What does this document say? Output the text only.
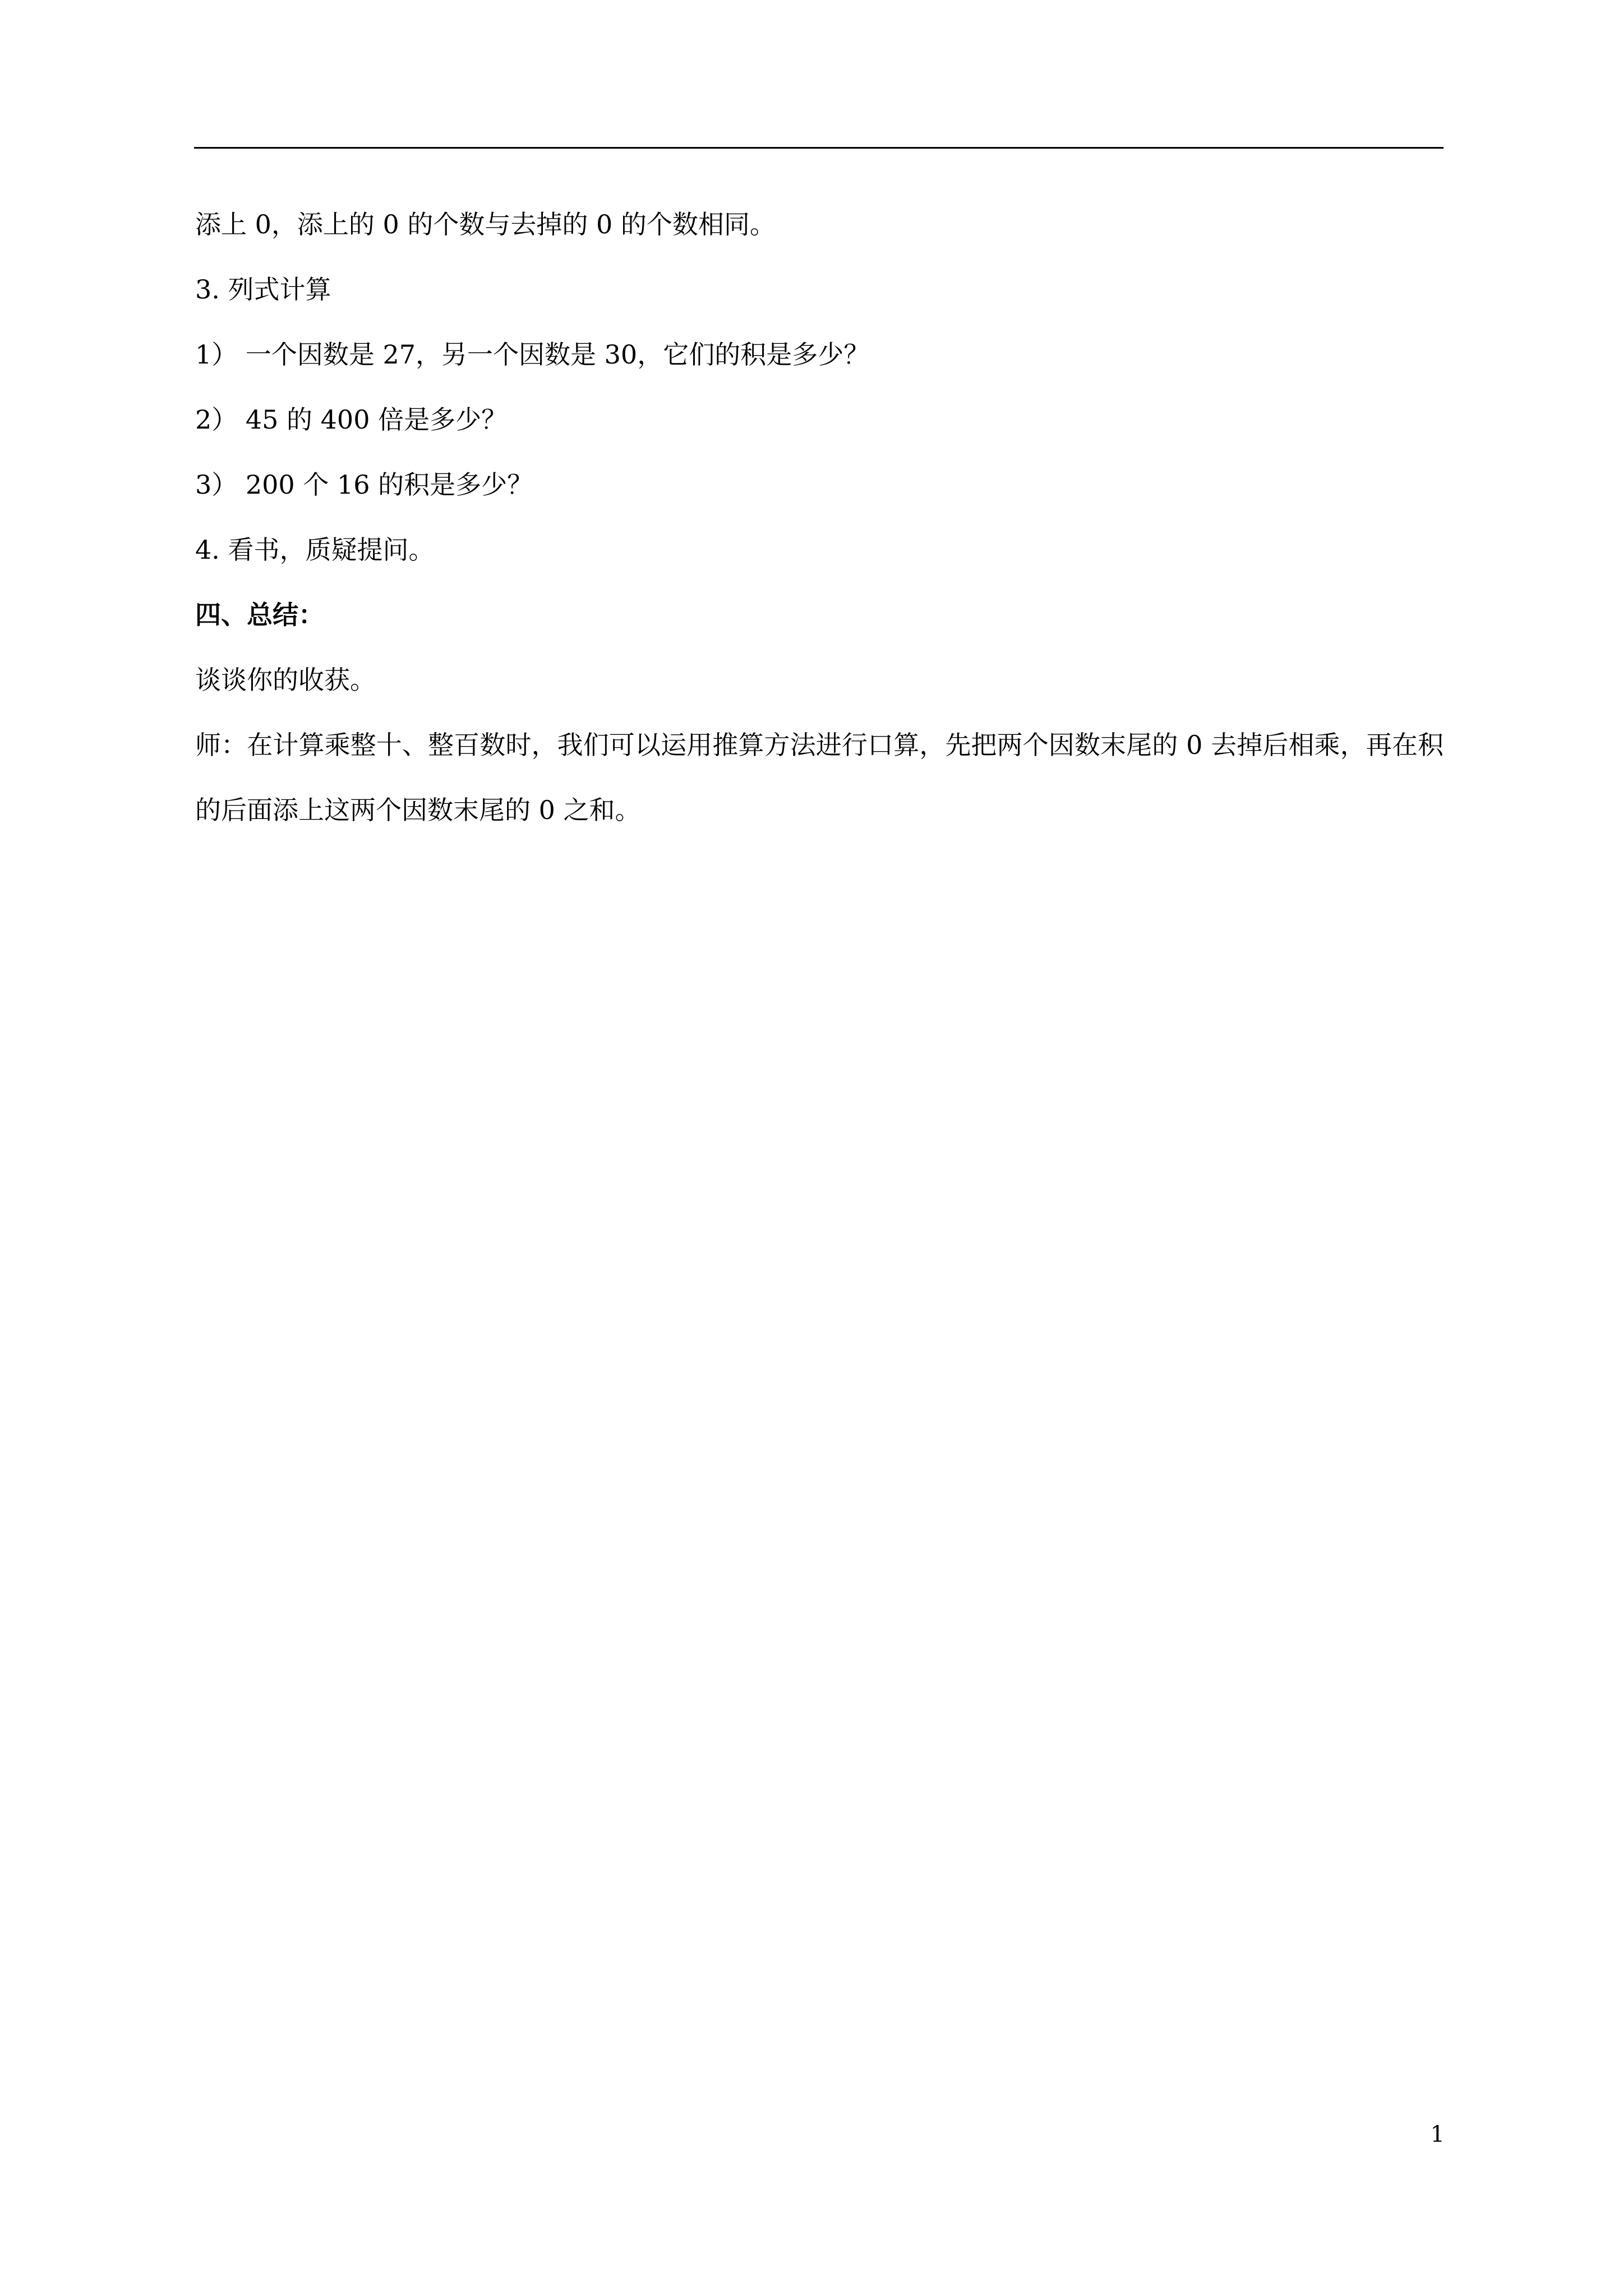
添上 0，添上的 0 的个数与去掉的 0 的个数相同。

3. 列式计算

1） 一个因数是 27，另一个因数是 30，它们的积是多少？

2） 45 的 400 倍是多少？

3） 200 个 16 的积是多少？

4. 看书，质疑提问。

四、总结：

谈谈你的收获。

师：在计算乘整十、整百数时，我们可以运用推算方法进行口算，先把两个因数末尾的 0 去掉后相乘，再在积的后面添上这两个因数末尾的 0 之和。

1
